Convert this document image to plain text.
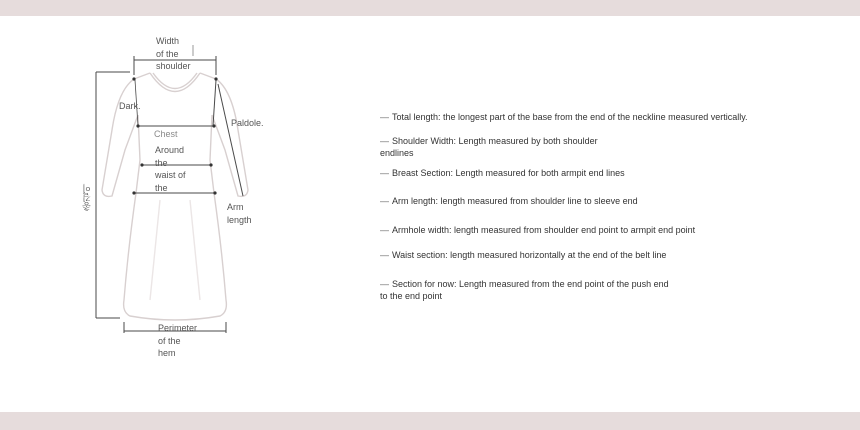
Width
of the
shoulder
Dark.
Chest
Around
the
waist of
the
Paldole.
Arm
length
Perimeter
of the
hem
총길이
— Total length: the longest part of the base from the end of the neckline measured vertically.
— Shoulder Width: Length measured by both shoulder endlines
— Breast Section: Length measured for both armpit end lines
— Arm length: length measured from shoulder line to sleeve end
— Armhole width: length measured from shoulder end point to armpit end point
— Waist section: length measured horizontally at the end of the belt line
— Section for now: Length measured from the end point of the push end to the end point
